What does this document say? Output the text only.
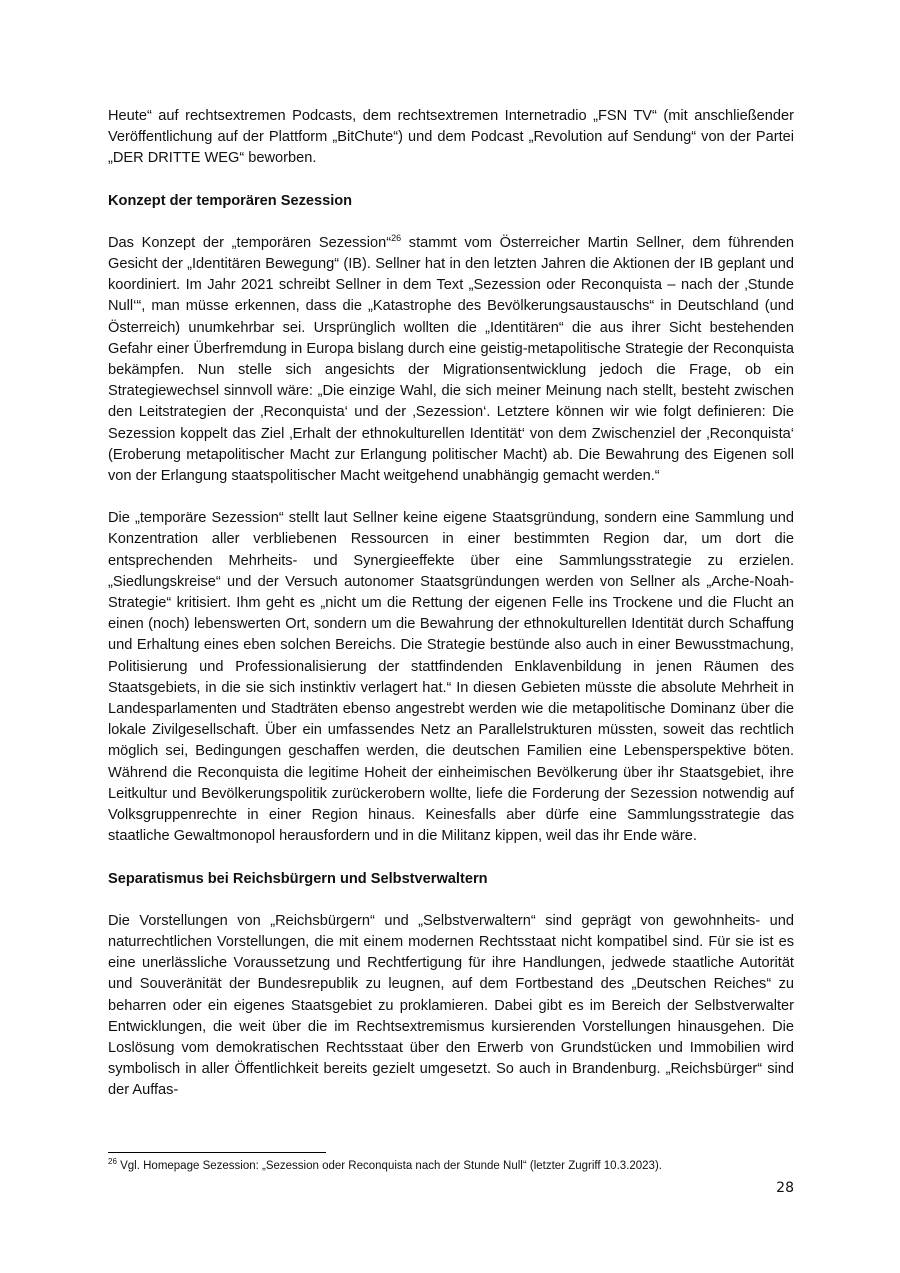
Heute“ auf rechtsextremen Podcasts, dem rechtsextremen Internetradio „FSN TV“ (mit anschließender Veröffentlichung auf der Plattform „BitChute“) und dem Podcast „Revolution auf Sendung“ von der Partei „DER DRITTE WEG“ beworben.

Konzept der temporären Sezession

Das Konzept der „temporären Sezession“$^{26}$ stammt vom Österreicher Martin Sellner, dem führenden Gesicht der „Identitären Bewegung“ (IB). Sellner hat in den letzten Jahren die Aktionen der IB geplant und koordiniert. Im Jahr 2021 schreibt Sellner in dem Text „Sezession oder Reconquista – nach der ‚Stunde Null‘“, man müsse erkennen, dass die „Katastrophe des Bevölkerungsaustauschs“ in Deutschland (und Österreich) unumkehrbar sei. Ursprünglich wollten die „Identitären“ die aus ihrer Sicht bestehenden Gefahr einer Überfremdung in Europa bislang durch eine geistig-metapolitische Strategie der Reconquista bekämpfen. Nun stelle sich angesichts der Migrationsentwicklung jedoch die Frage, ob ein Strategiewechsel sinnvoll wäre: „Die einzige Wahl, die sich meiner Meinung nach stellt, besteht zwischen den Leitstrategien der ‚Reconquista‘ und der ‚Sezession‘. Letztere können wir wie folgt definieren: Die Sezession koppelt das Ziel ‚Erhalt der ethnokulturellen Identität‘ von dem Zwischenziel der ‚Reconquista‘ (Eroberung metapolitischer Macht zur Erlangung politischer Macht) ab. Die Bewahrung des Eigenen soll von der Erlangung staatspolitischer Macht weitgehend unabhängig gemacht werden.“

Die „temporäre Sezession“ stellt laut Sellner keine eigene Staatsgründung, sondern eine Sammlung und Konzentration aller verbliebenen Ressourcen in einer bestimmten Region dar, um dort die entsprechenden Mehrheits- und Synergieeffekte über eine Sammlungsstrategie zu erzielen. „Siedlungskreise“ und der Versuch autonomer Staatsgründungen werden von Sellner als „Arche-Noah-Strategie“ kritisiert. Ihm geht es „nicht um die Rettung der eigenen Felle ins Trockene und die Flucht an einen (noch) lebenswerten Ort, sondern um die Bewahrung der ethnokulturellen Identität durch Schaffung und Erhaltung eines eben solchen Bereichs. Die Strategie bestünde also auch in einer Bewusstmachung, Politisierung und Professionalisierung der stattfindenden Enklavenbildung in jenen Räumen des Staatsgebiets, in die sie sich instinktiv verlagert hat.“ In diesen Gebieten müsste die absolute Mehrheit in Landesparlamenten und Stadträten ebenso angestrebt werden wie die metapolitische Dominanz über die lokale Zivilgesellschaft. Über ein umfassendes Netz an Parallelstrukturen müssten, soweit das rechtlich möglich sei, Bedingungen geschaffen werden, die deutschen Familien eine Lebensperspektive böten. Während die Reconquista die legitime Hoheit der einheimischen Bevölkerung über ihr Staatsgebiet, ihre Leitkultur und Bevölkerungspolitik zurückerobern wollte, liefe die Forderung der Sezession notwendig auf Volksgruppenrechte in einer Region hinaus. Keinesfalls aber dürfe eine Sammlungsstrategie das staatliche Gewaltmonopol herausfordern und in die Militanz kippen, weil das ihr Ende wäre.

Separatismus bei Reichsbürgern und Selbstverwaltern

Die Vorstellungen von „Reichsbürgern“ und „Selbstverwaltern“ sind geprägt von gewohnheits- und naturrechtlichen Vorstellungen, die mit einem modernen Rechtsstaat nicht kompatibel sind. Für sie ist es eine unerlässliche Voraussetzung und Rechtfertigung für ihre Handlungen, jedwede staatliche Autorität und Souveränität der Bundesrepublik zu leugnen, auf dem Fortbestand des „Deutschen Reiches“ zu beharren oder ein eigenes Staatsgebiet zu proklamieren. Dabei gibt es im Bereich der Selbstverwalter Entwicklungen, die weit über die im Rechtsextremismus kursierenden Vorstellungen hinausgehen. Die Loslösung vom demokratischen Rechtsstaat über den Erwerb von Grundstücken und Immobilien wird symbolisch in aller Öffentlichkeit bereits gezielt umgesetzt. So auch in Brandenburg. „Reichsbürger“ sind der Auffas-

$^{26}$ Vgl. Homepage Sezession: „Sezession oder Reconquista nach der Stunde Null“ (letzter Zugriff 10.3.2023).
28
